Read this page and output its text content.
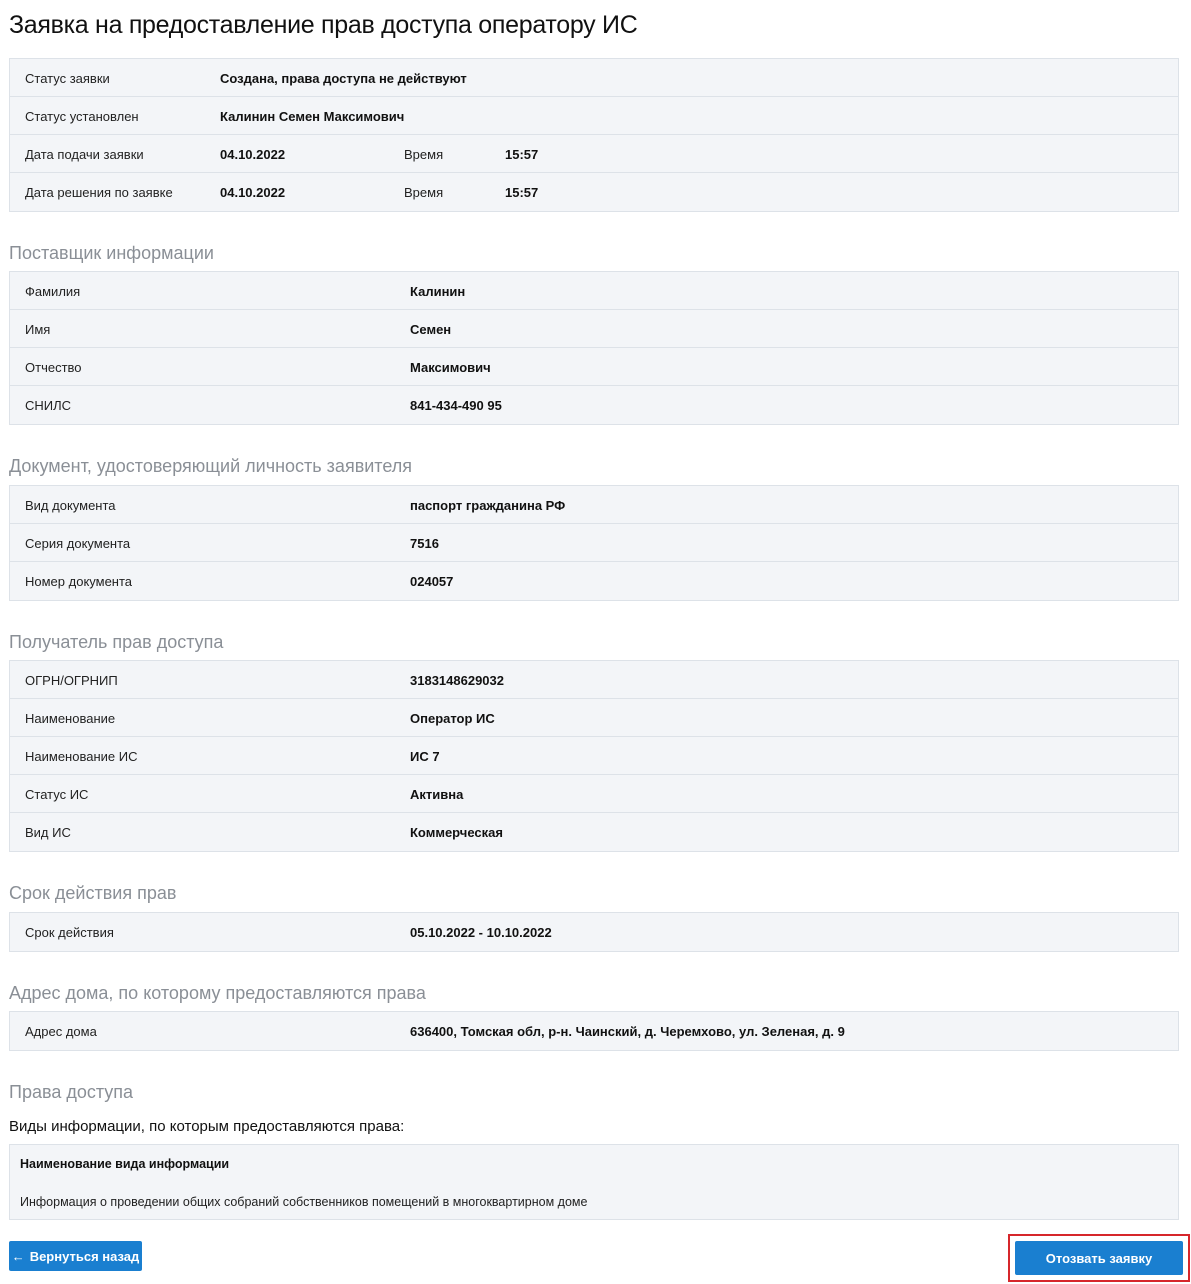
Заявка на предоставление прав доступа оператору ИС
Статус заявки	Создана, права доступа не действуют
Статус установлен	Калинин Семен Максимович
Дата подачи заявки	04.10.2022	Время	15:57
Дата решения по заявке	04.10.2022	Время	15:57
Поставщик информации
Фамилия	Калинин
Имя	Семен
Отчество	Максимович
СНИЛС	841-434-490 95
Документ, удостоверяющий личность заявителя
Вид документа	паспорт гражданина РФ
Серия документа	7516
Номер документа	024057
Получатель прав доступа
ОГРН/ОГРНИП	3183148629032
Наименование	Оператор ИС
Наименование ИС	ИС 7
Статус ИС	Активна
Вид ИС	Коммерческая
Срок действия прав
Срок действия	05.10.2022 - 10.10.2022
Адрес дома, по которому предоставляются права
Адрес дома	636400, Томская обл, р-н. Чаинский, д. Черемхово, ул. Зеленая, д. 9
Права доступа
Виды информации, по которым предоставляются права:
Наименование вида информации
Информация о проведении общих собраний собственников помещений в многоквартирном доме
← Вернуться назад	Отозвать заявку
